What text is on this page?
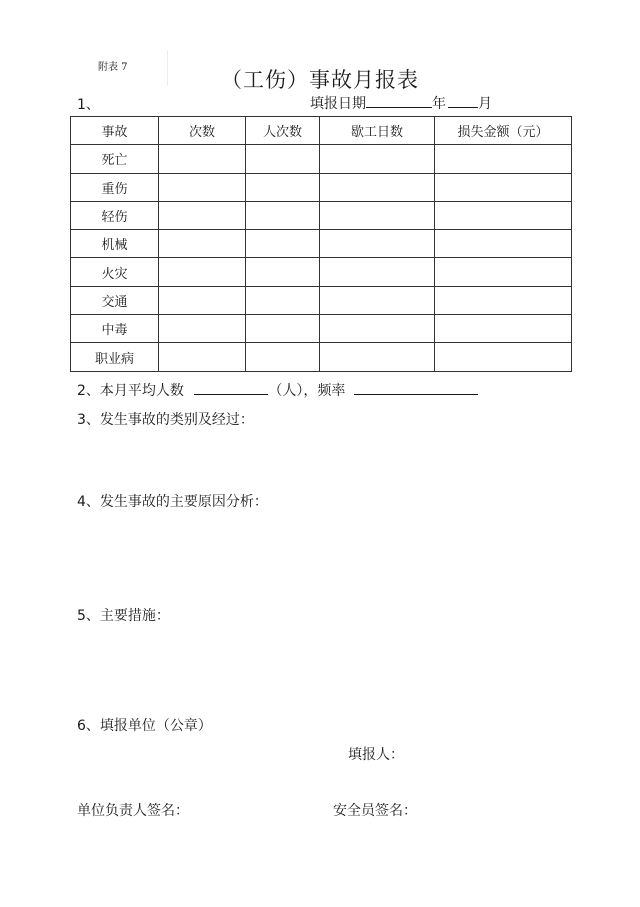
附表 7
（工伤）事故月报表
1、	填报日期	年 月
事故	次数	人次数	歇工日数	损失金额（元）
死亡				
重伤				
轻伤				
机械				
火灾				
交通				
中毒				
职业病				
2、本月平均人数	（人），频率
3、发生事故的类别及经过：
4、发生事故的主要原因分析：
5、主要措施：
6、填报单位（公章）
填报人：
单位负责人签名：	安全员签名：
